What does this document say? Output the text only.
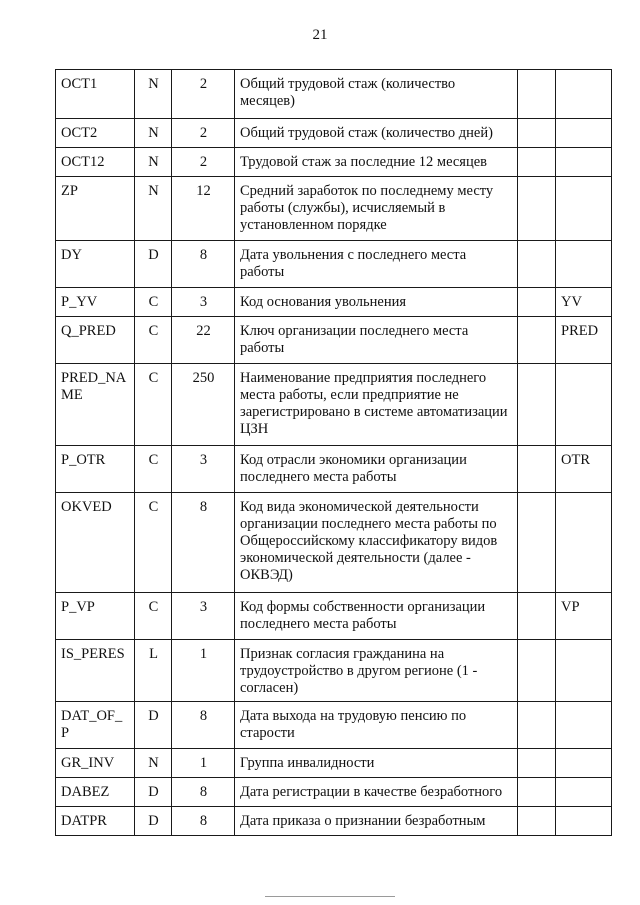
21
OCT1	N	2	Общий трудовой стаж (количество месяцев)		
OCT2	N	2	Общий трудовой стаж (количество дней)		
OCT12	N	2	Трудовой стаж за последние 12 месяцев		
ZP	N	12	Средний заработок по последнему месту работы (службы), исчисляемый в установленном порядке		
DY	D	8	Дата увольнения с последнего места работы		
P_YV	C	3	Код основания увольнения		YV
Q_PRED	C	22	Ключ организации последнего места работы		PRED
PRED_NAME	C	250	Наименование предприятия последнего места работы, если предприятие не зарегистрировано в системе автоматизации ЦЗН		
P_OTR	C	3	Код отрасли экономики организации последнего места работы		OTR
OKVED	C	8	Код вида экономической деятельности организации последнего места работы по Общероссийскому классификатору видов экономической деятельности (далее - ОКВЭД)		
P_VP	C	3	Код формы собственности организации последнего места работы		VP
IS_PERES	L	1	Признак согласия гражданина на трудоустройство в другом регионе (1 - согласен)		
DAT_OF_P	D	8	Дата выхода на трудовую пенсию по старости		
GR_INV	N	1	Группа инвалидности		
DABEZ	D	8	Дата регистрации в качестве безработного		
DATPR	D	8	Дата приказа о признании безработным		
